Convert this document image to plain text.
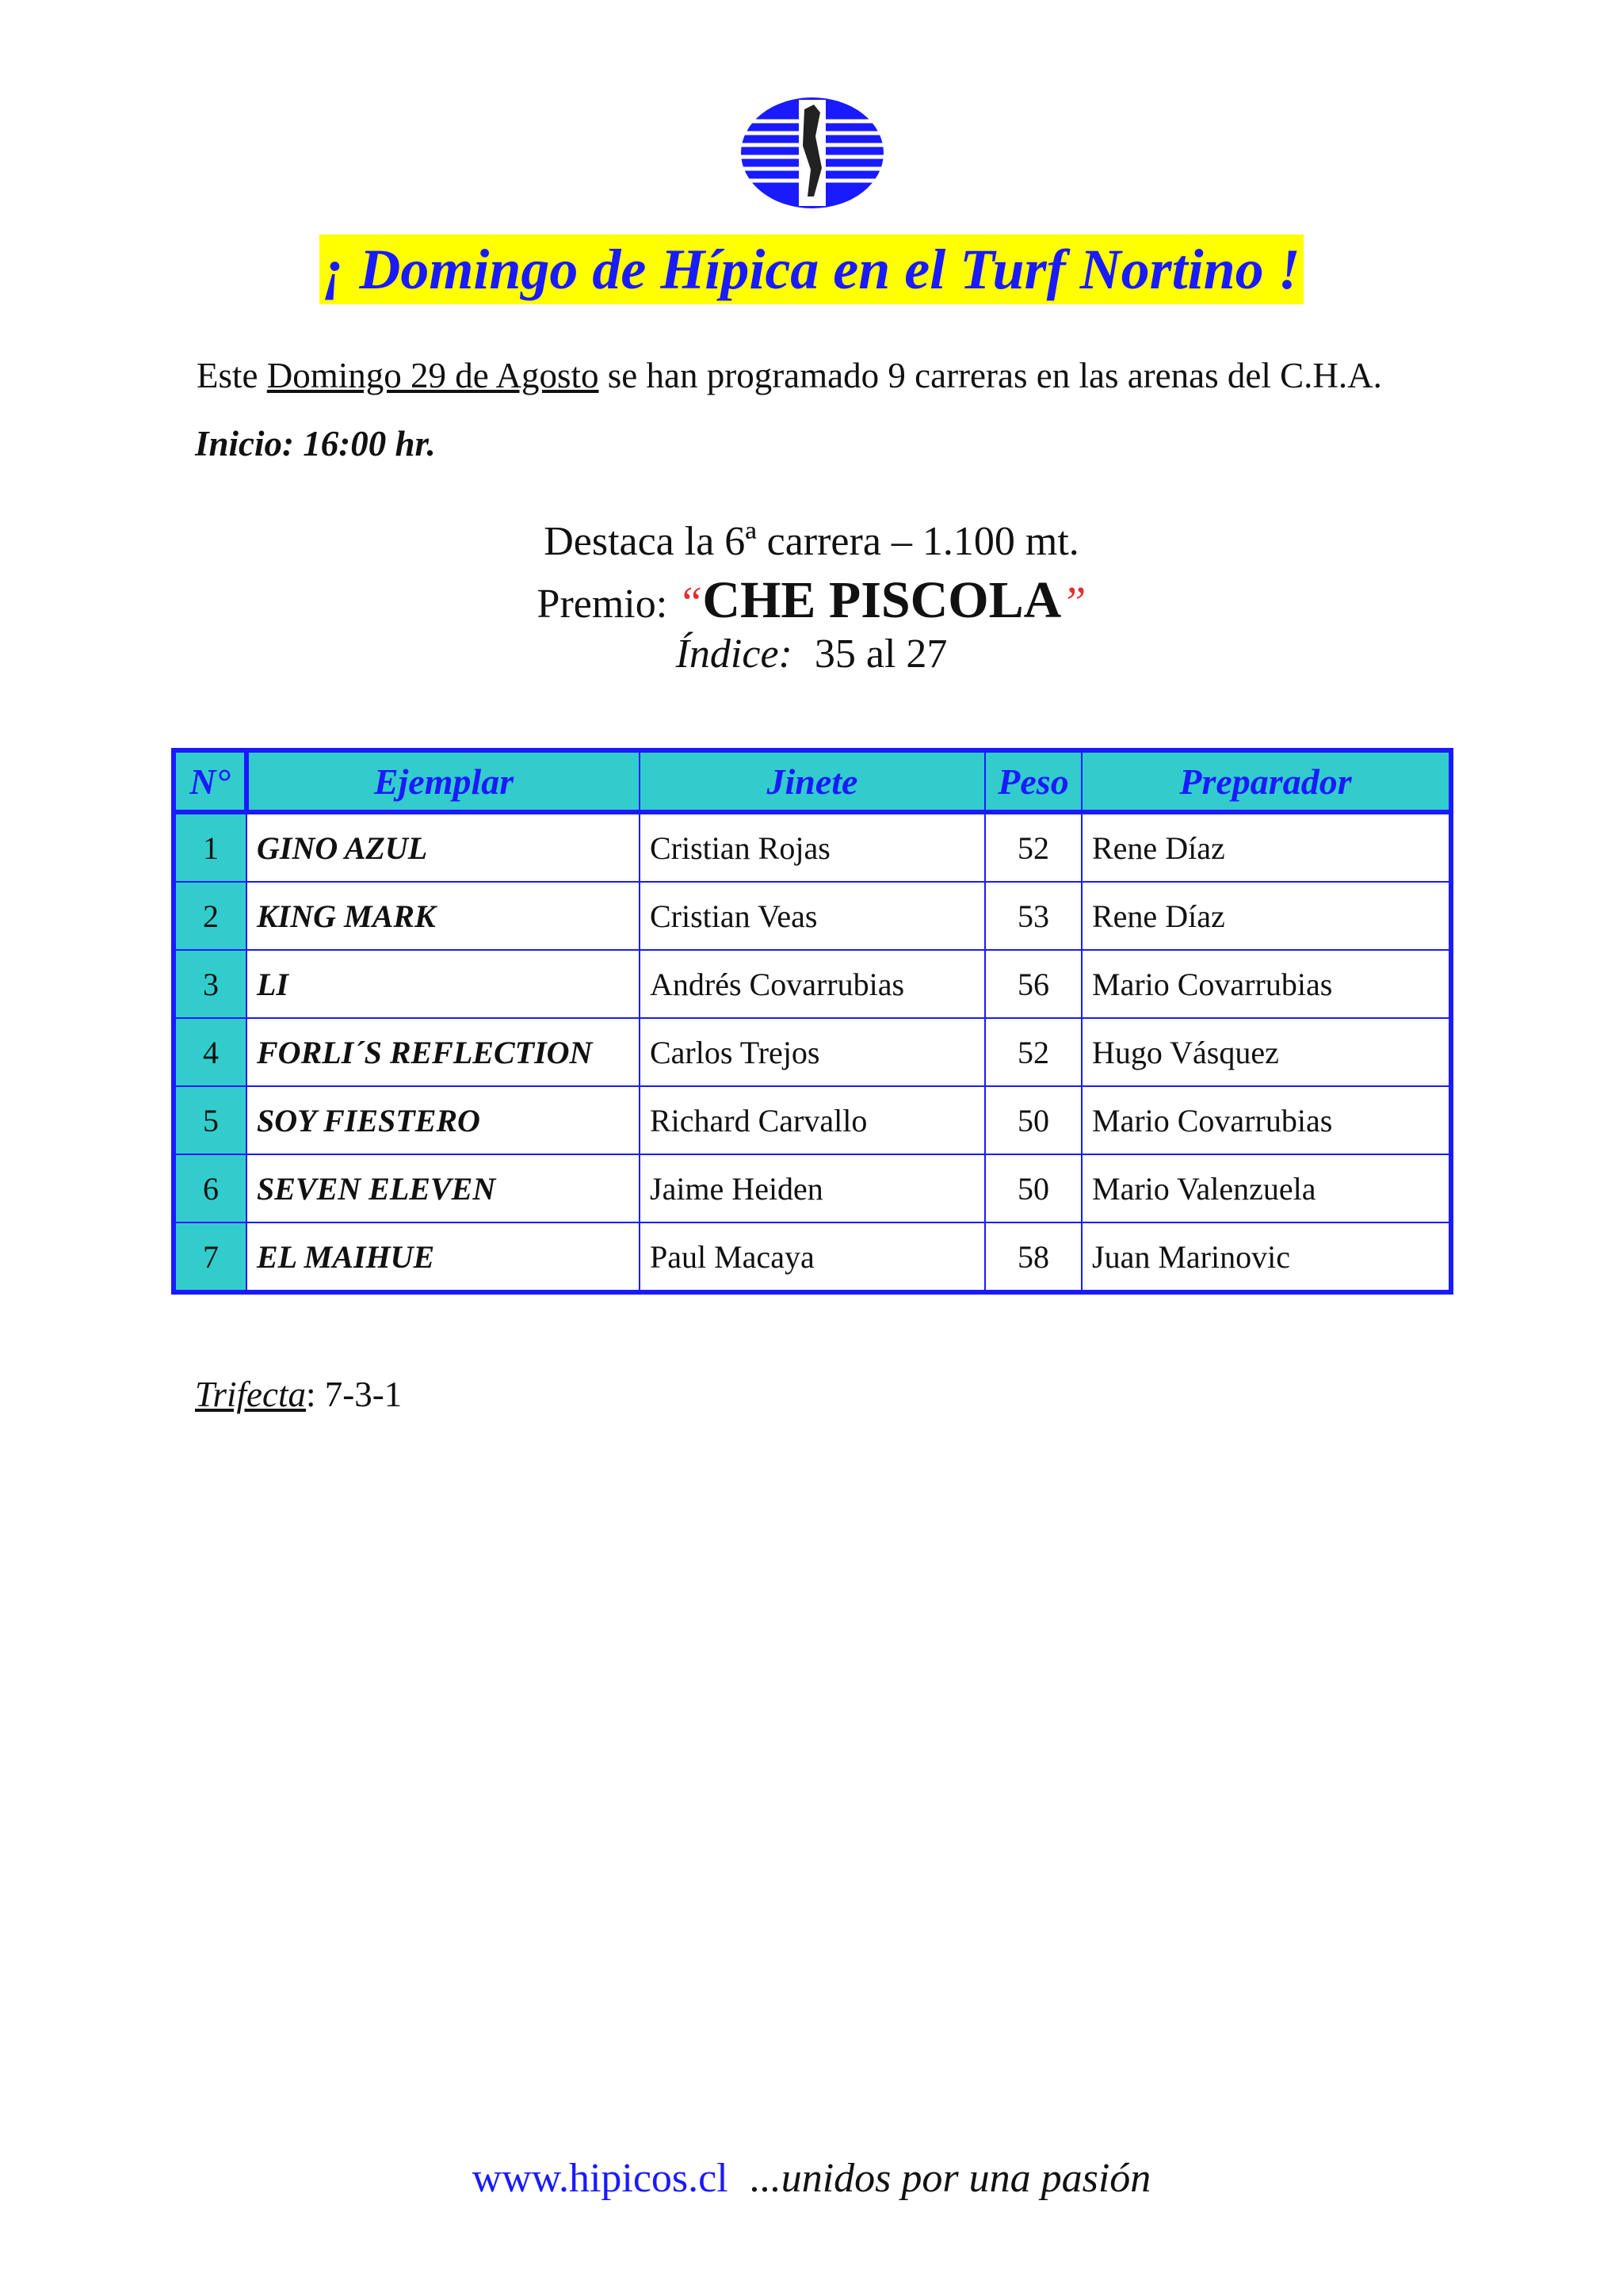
¡ Domingo de Hípica en el Turf Nortino !
Este Domingo 29 de Agosto se han programado 9 carreras en las arenas del C.H.A.
Inicio: 16:00 hr.
Destaca la 6ª carrera – 1.100 mt.
Premio: “CHE PISCOLA”
Índice: 35 al 27
N°	Ejemplar	Jinete	Peso	Preparador
1	GINO AZUL	Cristian Rojas	52	Rene Díaz
2	KING MARK	Cristian Veas	53	Rene Díaz
3	LI	Andrés Covarrubias	56	Mario Covarrubias
4	FORLI´S REFLECTION	Carlos Trejos	52	Hugo Vásquez
5	SOY FIESTERO	Richard Carvallo	50	Mario Covarrubias
6	SEVEN ELEVEN	Jaime Heiden	50	Mario Valenzuela
7	EL MAIHUE	Paul Macaya	58	Juan Marinovic
Trifecta: 7-3-1
www.hipicos.cl ...unidos por una pasión
